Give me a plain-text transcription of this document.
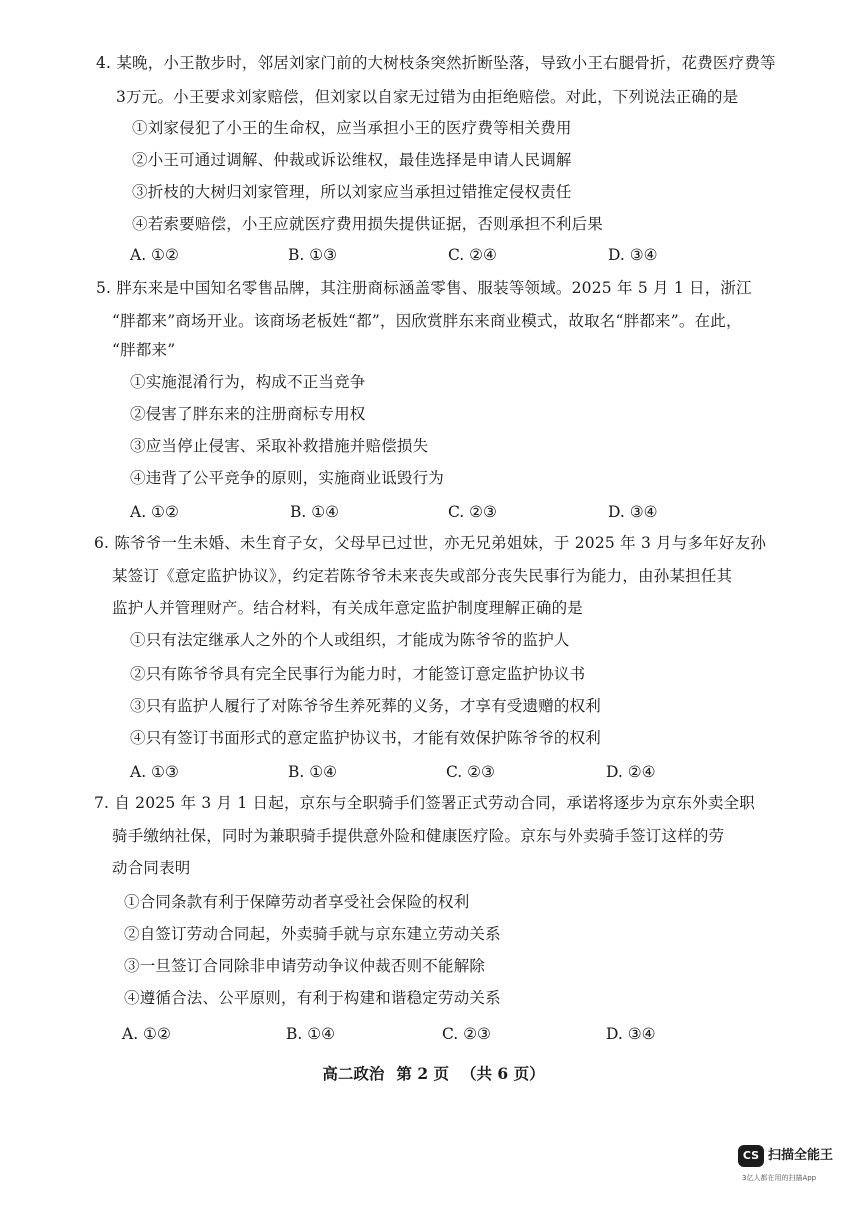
4. 某晚，小王散步时，邻居刘家门前的大树枝条突然折断坠落，导致小王右腿骨折，花费医疗费等
3万元。小王要求刘家赔偿，但刘家以自家无过错为由拒绝赔偿。对此，下列说法正确的是
①刘家侵犯了小王的生命权，应当承担小王的医疗费等相关费用
②小王可通过调解、仲裁或诉讼维权，最佳选择是申请人民调解
③折枝的大树归刘家管理，所以刘家应当承担过错推定侵权责任
④若索要赔偿，小王应就医疗费用损失提供证据，否则承担不利后果
A. ①②	B. ①③	C. ②④	D. ③④
5. 胖东来是中国知名零售品牌，其注册商标涵盖零售、服装等领域。2025 年 5 月 1 日，浙江
“胖都来”商场开业。该商场老板姓“都”，因欣赏胖东来商业模式，故取名“胖都来”。在此，
“胖都来”
①实施混淆行为，构成不正当竞争
②侵害了胖东来的注册商标专用权
③应当停止侵害、采取补救措施并赔偿损失
④违背了公平竞争的原则，实施商业诋毁行为
A. ①②	B. ①④	C. ②③	D. ③④
6. 陈爷爷一生未婚、未生育子女，父母早已过世，亦无兄弟姐妹，于 2025 年 3 月与多年好友孙
某签订《意定监护协议》，约定若陈爷爷未来丧失或部分丧失民事行为能力，由孙某担任其
监护人并管理财产。结合材料，有关成年意定监护制度理解正确的是
①只有法定继承人之外的个人或组织，才能成为陈爷爷的监护人
②只有陈爷爷具有完全民事行为能力时，才能签订意定监护协议书
③只有监护人履行了对陈爷爷生养死葬的义务，才享有受遗赠的权利
④只有签订书面形式的意定监护协议书，才能有效保护陈爷爷的权利
A. ①③	B. ①④	C. ②③	D. ②④
7. 自 2025 年 3 月 1 日起，京东与全职骑手们签署正式劳动合同，承诺将逐步为京东外卖全职
骑手缴纳社保，同时为兼职骑手提供意外险和健康医疗险。京东与外卖骑手签订这样的劳
动合同表明
①合同条款有利于保障劳动者享受社会保险的权利
②自签订劳动合同起，外卖骑手就与京东建立劳动关系
③一旦签订合同除非申请劳动争议仲裁否则不能解除
④遵循合法、公平原则，有利于构建和谐稳定劳动关系
A. ①②	B. ①④	C. ②③	D. ③④
高二政治 第 2 页 （共 6 页）
CS 扫描全能王
3亿人都在用的扫描App
